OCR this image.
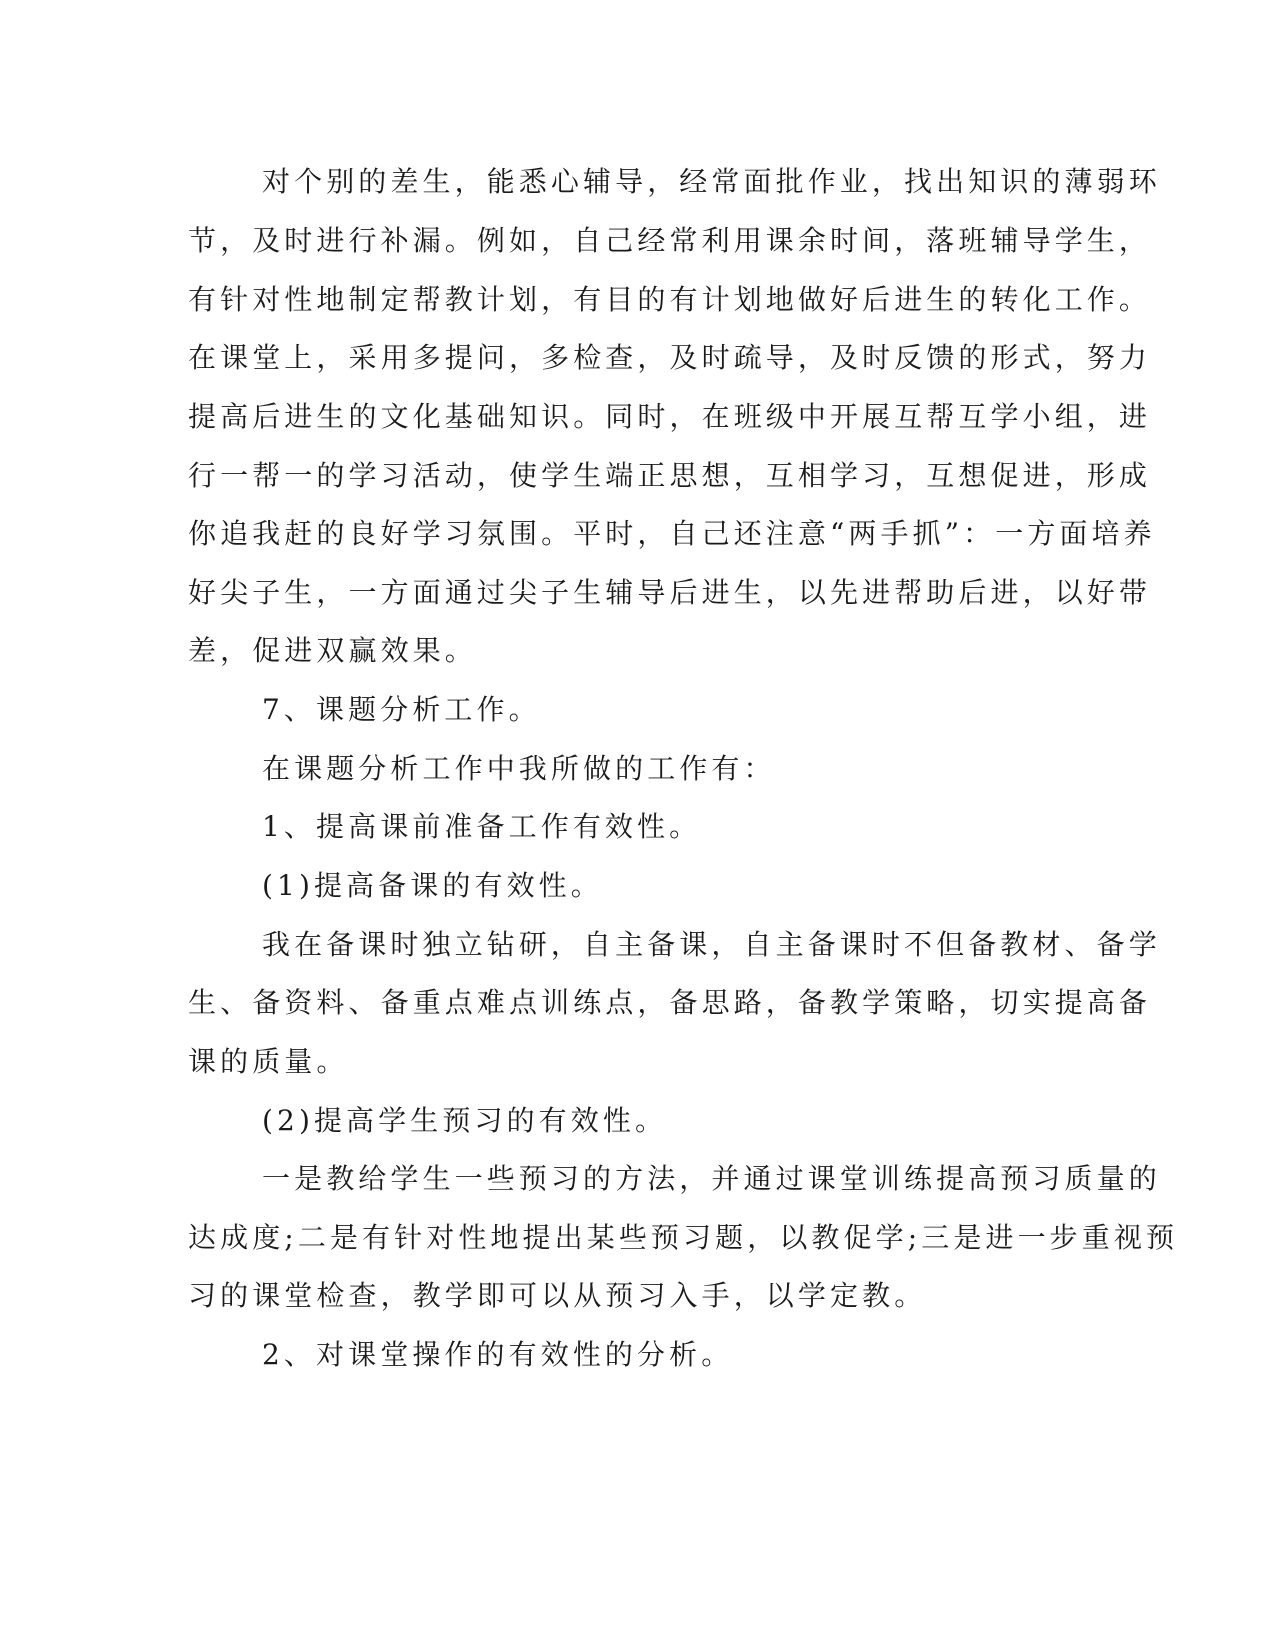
对个别的差生，能悉心辅导，经常面批作业，找出知识的薄弱环
节，及时进行补漏。例如，自己经常利用课余时间，落班辅导学生，
有针对性地制定帮教计划，有目的有计划地做好后进生的转化工作。
在课堂上，采用多提问，多检查，及时疏导，及时反馈的形式，努力
提高后进生的文化基础知识。同时，在班级中开展互帮互学小组，进
行一帮一的学习活动，使学生端正思想，互相学习，互想促进，形成
你追我赶的良好学习氛围。平时，自己还注意“两手抓”：一方面培养
好尖子生，一方面通过尖子生辅导后进生，以先进帮助后进，以好带
差，促进双赢效果。
7、课题分析工作。
在课题分析工作中我所做的工作有：
1、提高课前准备工作有效性。
(1)提高备课的有效性。
我在备课时独立钻研，自主备课，自主备课时不但备教材、备学
生、备资料、备重点难点训练点，备思路，备教学策略，切实提高备
课的质量。
(2)提高学生预习的有效性。
一是教给学生一些预习的方法，并通过课堂训练提高预习质量的
达成度;二是有针对性地提出某些预习题，以教促学;三是进一步重视预
习的课堂检查，教学即可以从预习入手，以学定教。
2、对课堂操作的有效性的分析。
